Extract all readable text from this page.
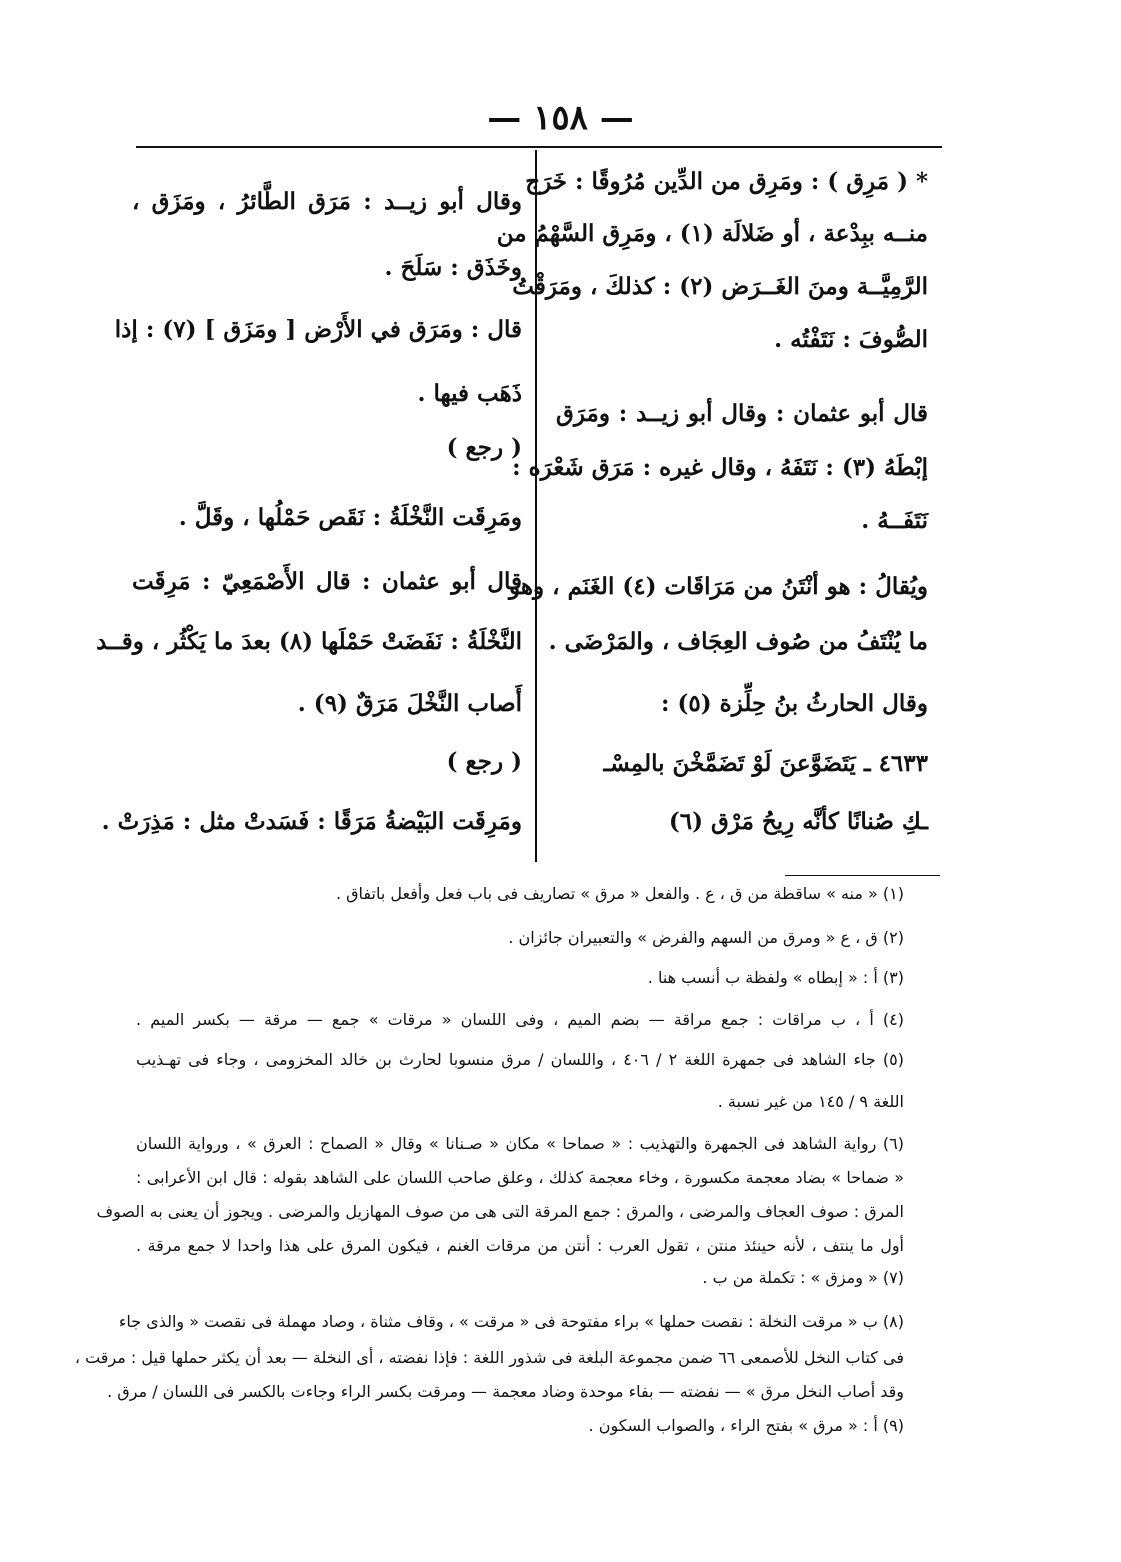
— ١٥٨ —
* ( مَرِق ) : ومَرِق من الدِّين مُرُوقًا : خَرَج
منــه ببِدْعة ، أو ضَلالَة (١) ، ومَرِق السَّهْمُ من
الرَّمِيَّــة ومنَ الغَــرَض (٢) : كذلكَ ، ومَرَقْتُ
الصُّوفَ : نَتَفْتُه .
قال أبو عثمان : وقال أبو زيــد : ومَرَق
إبْطَهُ (٣) : نَتَفَهُ ، وقال غيره : مَرَق شَعْرَه :
نَتَفَــهُ .
ويُقالُ : هو أنْتَنُ من مَرَاقَات (٤) الغَنَم ، وهو
ما يُنْتَفُ من صُوف العِجَاف ، والمَرْضَى .
وقال الحارثُ بنُ حِلِّزة (٥) :
٤٦٣٣ ـ يَتَضَوَّعنَ لَوْ تَضَمَّخْنَ بالمِسْـ
ـكِ صُنانًا كأنَّه رِيحُ مَرْق (٦)
وقال أبو زيــد : مَرَق الطَّائرُ ، ومَزَق ،
وخَذَق : سَلَحَ .
قال : ومَرَق في الأَرْض [ ومَزَق ] (٧) : إذا
ذَهَب فيها .
( رجع )
ومَرِقَت النَّخْلَةُ : نَقَص حَمْلُها ، وقَلَّ .
قال أبو عثمان : قال الأَصْمَعِيّ : مَرِقَت
النَّخْلَةُ : نَفَضَتْ حَمْلَها (٨) بعدَ ما يَكْثُر ، وقــد
أَصاب النَّخْلَ مَرَقٌ (٩) .
( رجع )
ومَرِقَت البَيْضةُ مَرَقًا : فَسَدتْ مثل : مَذِرَتْ .
(١) « منه » ساقطة من ق ، ع . والفعل « مرق » تصاريف فى باب فعل وأفعل باتفاق .
(٢) ق ، ع « ومرق من السهم والفرض » والتعبيران جائزان .
(٣) أ : « إبطاه » ولفظة ب أنسب هنا .
(٤) أ ، ب مراقات : جمع مراقة — بضم الميم ، وفى اللسان « مرقات » جمع — مرقة — بكسر الميم .
(٥) جاء الشاهد فى جمهرة اللغة ٢ / ٤٠٦ ، واللسان / مرق منسوبا لحارث بن خالد المخزومى ، وجاء فى تهـذيب
اللغة ٩ / ١٤٥ من غير نسبة .
(٦) رواية الشاهد فى الجمهرة والتهذيب : « صماحا » مكان « صـنانا » وقال « الصماح : العرق » ، ورواية اللسان
« ضماحا » بضاد معجمة مكسورة ، وخاء معجمة كذلك ، وعلق صاحب اللسان على الشاهد بقوله : قال ابن الأعرابى :
المرق : صوف العجاف والمرضى ، والمرق : جمع المرقة التى هى من صوف المهازيل والمرضى . ويجوز أن يعنى به الصوف
أول ما ينتف ، لأنه حينئذ منتن ، تقول العرب : أنتن من مرقات الغنم ، فيكون المرق على هذا واحدا لا جمع مرقة .
(٧) « ومزق » : تكملة من ب .
(٨) ب « مرقت النخلة : نقصت حملها » براء مفتوحة فى « مرقت » ، وقاف مثناة ، وصاد مهملة فى نقصت « والذى جاء
فى كتاب النخل للأصمعى ٦٦ ضمن مجموعة البلغة فى شذور اللغة : فإذا نفضته ، أى النخلة — بعد أن يكثر حملها قيل : مرقت ،
وقد أصاب النخل مرق » — نفضته — بفاء موحدة وضاد معجمة — ومرقت بكسر الراء وجاءت بالكسر فى اللسان / مرق .
(٩) أ : « مرق » بفتح الراء ، والصواب السكون .
